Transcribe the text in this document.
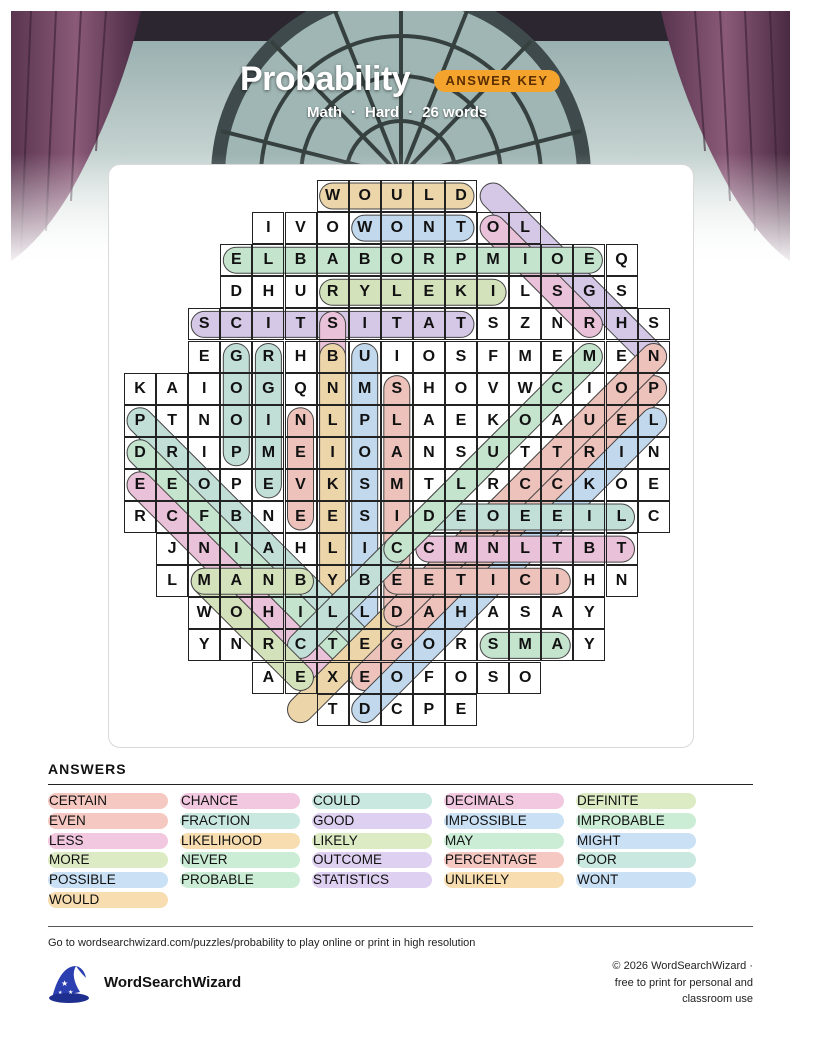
Probability	ANSWER KEY
Math · Hard · 26 words
W	O	U	L	D
I	V	O	W	O	N	T	O	L
E	L	B	A	B	O	R	P	M	I	O	E	Q
D	H	U	R	Y	L	E	K	I	L	S	G	S
S	C	I	T	S	I	T	A	T	S	Z	N	R	H	S
E	G	R	H	B	U	I	O	S	F	M	E	M	E	N
K	A	I	O	G	Q	N	M	S	H	O	V	W	C	I	O	P
P	T	N	O	I	N	L	P	L	A	E	K	O	A	U	E	L
D	R	I	P	M	E	I	O	A	N	S	U	T	T	R	I	N
E	E	O	P	E	V	K	S	M	T	L	R	C	C	K	O	E
R	C	F	B	N	E	E	S	I	D	E	O	E	E	I	L	C
J	N	I	A	H	L	I	C	C	M	N	L	T	B	T
L	M	A	N	B	Y	B	E	E	T	I	C	I	H	N
W	O	H	I	L	L	D	A	H	A	S	A	Y
Y	N	R	C	T	E	G	O	R	S	M	A	Y
A	E	X	E	O	F	O	S	O
T	D	C	P	E
ANSWERS
CERTAIN	CHANCE	COULD	DECIMALS	DEFINITE
EVEN	FRACTION	GOOD	IMPOSSIBLE	IMPROBABLE
LESS	LIKELIHOOD	LIKELY	MAY	MIGHT
MORE	NEVER	OUTCOME	PERCENTAGE	POOR
POSSIBLE	PROBABLE	STATISTICS	UNLIKELY	WONT
WOULD
Go to wordsearchwizard.com/puzzles/probability to play online or print in high resolution
★
★
★
WordSearchWizard
© 2026 WordSearchWizard ·
free to print for personal and
classroom use
